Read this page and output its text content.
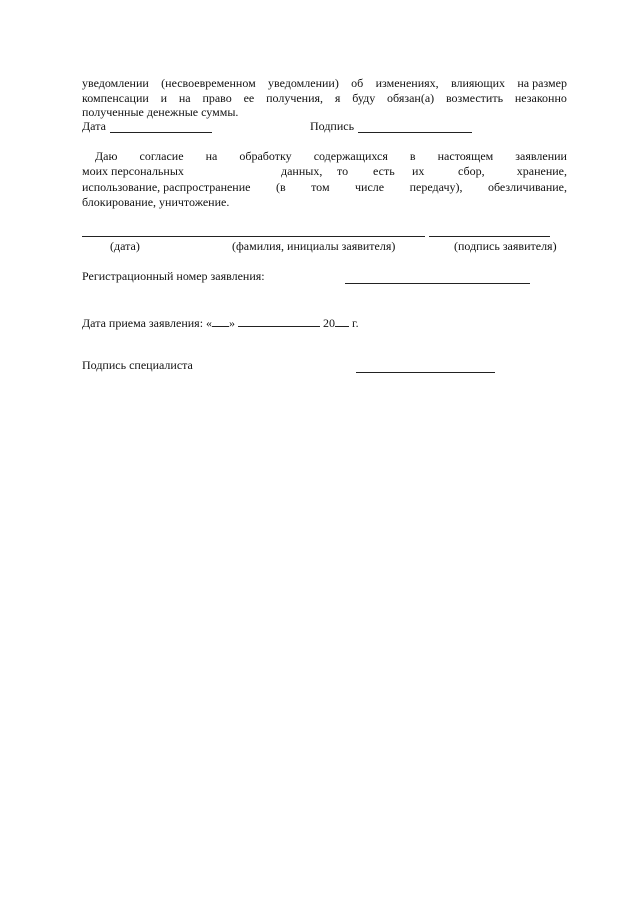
уведомлении (несвоевременном уведомлении) об изменениях, влияющих на размер
компенсации и на право ее получения, я буду обязан(а) возместить незаконно
полученные денежные суммы.
Дата	Подпись
Даю согласие на обработку содержащихся в настоящем заявлении
моих персональных	данных, то есть их	сбор,	хранение,
использование, распространение (в том числе передачу), обезличивание,
блокирование, уничтожение.
(дата)	(фамилия, инициалы заявителя)	(подпись заявителя)
Регистрационный номер заявления:
Дата приема заявления: « »	20 г.
Подпись специалиста
